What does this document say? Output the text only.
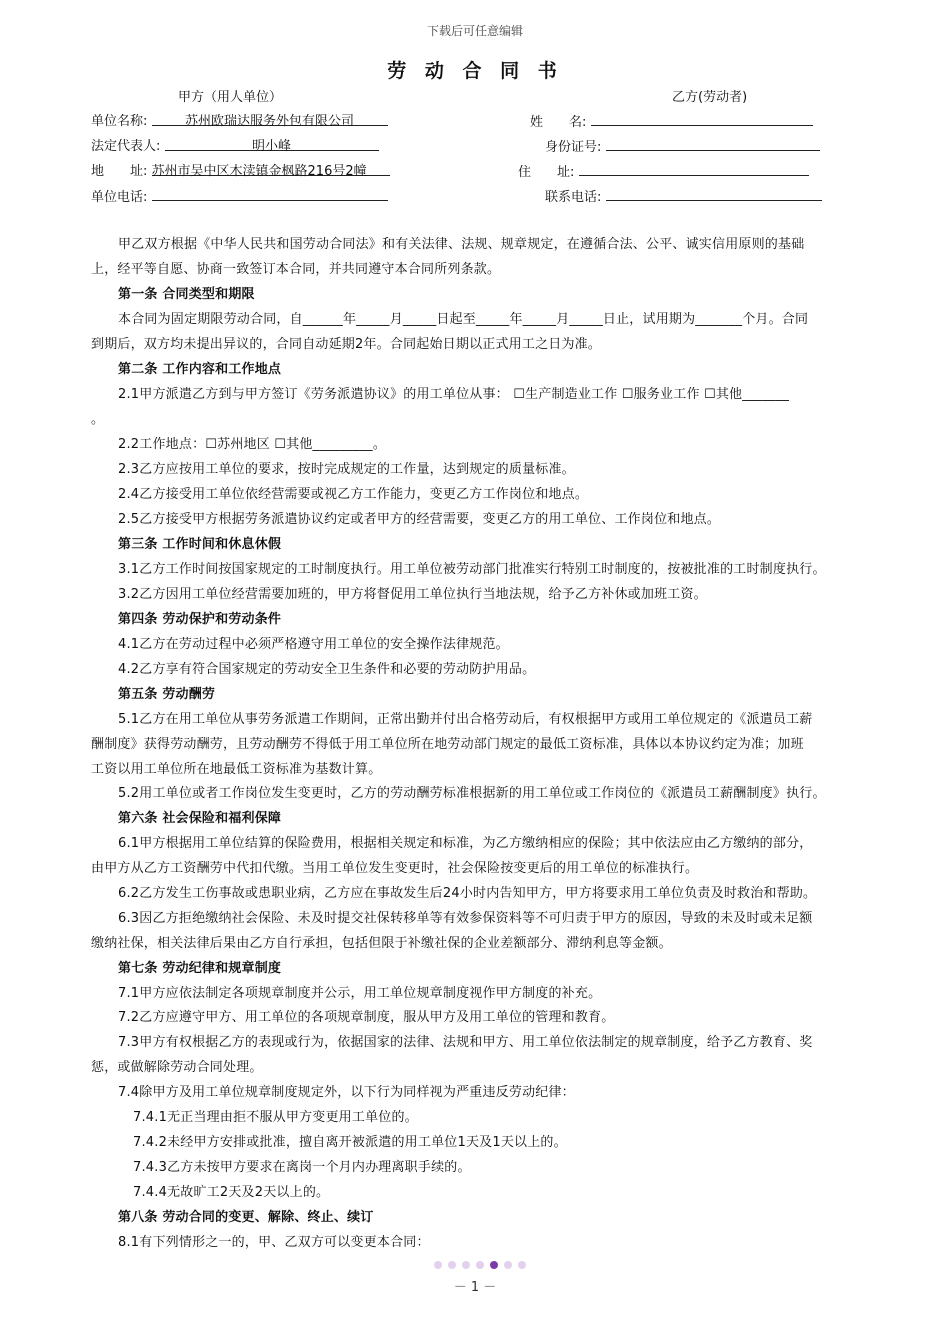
下载后可任意编辑
劳 动 合 同 书
甲方（用人单位）	乙方(劳动者)
单位名称:	苏州欧瑞达服务外包有限公司
法定代表人:	明小峰
地　　址: 苏州市吴中区木渎镇金枫路216号2幢
单位电话:
姓　　名:
身份证号:
住　　址:
联系电话:
甲乙双方根据《中华人民共和国劳动合同法》和有关法律、法规、规章规定，在遵循合法、公平、诚实信用原则的基础
上，经平等自愿、协商一致签订本合同，并共同遵守本合同所列条款。
第一条 合同类型和期限
本合同为固定期限劳动合同，自______年_____月_____日起至_____年_____月_____日止，试用期为_______个月。合同
到期后，双方均未提出异议的，合同自动延期2年。合同起始日期以正式用工之日为准。
第二条 工作内容和工作地点
2.1甲方派遣乙方到与甲方签订《劳务派遣协议》的用工单位从事： ☐生产制造业工作 ☐服务业工作 ☐其他_______
。
2.2工作地点：☐苏州地区 ☐其他_________。
2.3乙方应按用工单位的要求，按时完成规定的工作量，达到规定的质量标准。
2.4乙方接受用工单位依经营需要或视乙方工作能力，变更乙方工作岗位和地点。
2.5乙方接受甲方根据劳务派遣协议约定或者甲方的经营需要，变更乙方的用工单位、工作岗位和地点。
第三条 工作时间和休息休假
3.1乙方工作时间按国家规定的工时制度执行。用工单位被劳动部门批准实行特别工时制度的，按被批准的工时制度执行。
3.2乙方因用工单位经营需要加班的，甲方将督促用工单位执行当地法规，给予乙方补休或加班工资。
第四条 劳动保护和劳动条件
4.1乙方在劳动过程中必须严格遵守用工单位的安全操作法律规范。
4.2乙方享有符合国家规定的劳动安全卫生条件和必要的劳动防护用品。
第五条 劳动酬劳
5.1乙方在用工单位从事劳务派遣工作期间，正常出勤并付出合格劳动后，有权根据甲方或用工单位规定的《派遣员工薪
酬制度》获得劳动酬劳，且劳动酬劳不得低于用工单位所在地劳动部门规定的最低工资标准，具体以本协议约定为准；加班
工资以用工单位所在地最低工资标准为基数计算。
5.2用工单位或者工作岗位发生变更时，乙方的劳动酬劳标准根据新的用工单位或工作岗位的《派遣员工薪酬制度》执行。
第六条 社会保险和福利保障
6.1甲方根据用工单位结算的保险费用，根据相关规定和标准，为乙方缴纳相应的保险；其中依法应由乙方缴纳的部分，
由甲方从乙方工资酬劳中代扣代缴。当用工单位发生变更时，社会保险按变更后的用工单位的标准执行。
6.2乙方发生工伤事故或患职业病，乙方应在事故发生后24小时内告知甲方，甲方将要求用工单位负责及时救治和帮助。
6.3因乙方拒绝缴纳社会保险、未及时提交社保转移单等有效参保资料等不可归责于甲方的原因，导致的未及时或未足额
缴纳社保，相关法律后果由乙方自行承担，包括但限于补缴社保的企业差额部分、滞纳利息等金额。
第七条 劳动纪律和规章制度
7.1甲方应依法制定各项规章制度并公示，用工单位规章制度视作甲方制度的补充。
7.2乙方应遵守甲方、用工单位的各项规章制度，服从甲方及用工单位的管理和教育。
7.3甲方有权根据乙方的表现或行为，依据国家的法律、法规和甲方、用工单位依法制定的规章制度，给予乙方教育、奖
惩，或做解除劳动合同处理。
7.4除甲方及用工单位规章制度规定外，以下行为同样视为严重违反劳动纪律：
7.4.1无正当理由拒不服从甲方变更用工单位的。
7.4.2未经甲方安排或批准，擅自离开被派遣的用工单位1天及1天以上的。
7.4.3乙方未按甲方要求在离岗一个月内办理离职手续的。
7.4.4无故旷工2天及2天以上的。
第八条 劳动合同的变更、解除、终止、续订
8.1有下列情形之一的，甲、乙双方可以变更本合同：
－ 1 －
